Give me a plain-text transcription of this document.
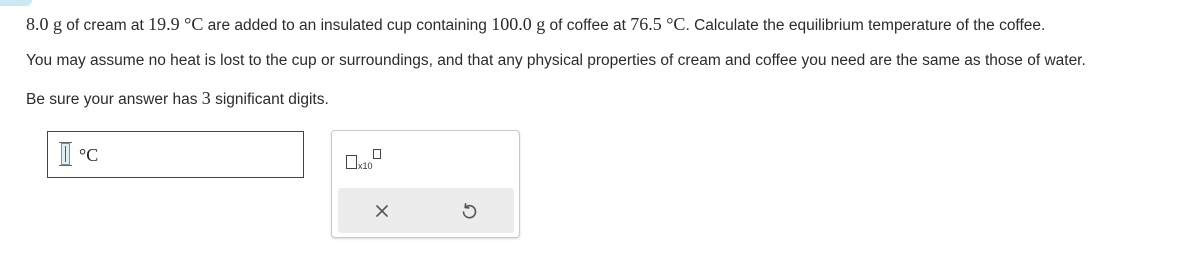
8.0 g of cream at 19.9 °C are added to an insulated cup containing 100.0 g of coffee at 76.5 °C. Calculate the equilibrium temperature of the coffee.
You may assume no heat is lost to the cup or surroundings, and that any physical properties of cream and coffee you need are the same as those of water.
Be sure your answer has 3 significant digits.
°C
x10
